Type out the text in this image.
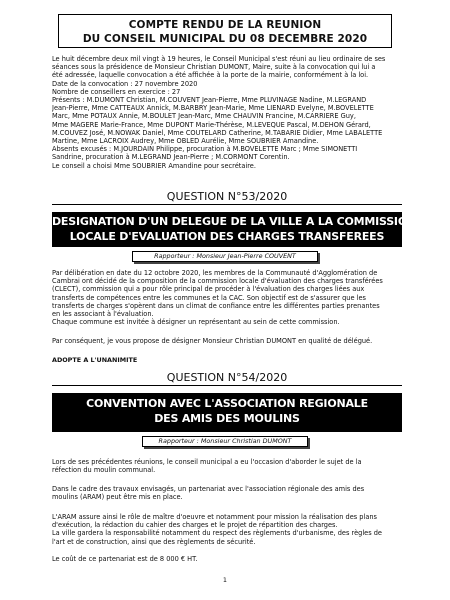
COMPTE RENDU DE LA REUNION
DU CONSEIL MUNICIPAL DU 08 DECEMBRE 2020
Le huit décembre deux mil vingt à 19 heures, le Conseil Municipal s'est réuni au lieu ordinaire de ses
séances sous la présidence de Monsieur Christian DUMONT, Maire, suite à la convocation qui lui a
été adressée, laquelle convocation a été affichée à la porte de la mairie, conformément à la loi.
Date de la convocation : 27 novembre 2020
Nombre de conseillers en exercice : 27
Présents : M.DUMONT Christian, M.COUVENT Jean-Pierre, Mme PLUVINAGE Nadine, M.LEGRAND
Jean-Pierre, Mme CATTEAUX Annick, M.BARBRY Jean-Marie, Mme LIENARD Evelyne, M.BOVELETTE
Marc, Mme POTAUX Annie, M.BOULET Jean-Marc, Mme CHAUVIN Francine, M.CARRIERE Guy,
Mme MAGERE Marie-France, Mme DUPONT Marie-Thérèse, M.LEVEQUE Pascal, M.DEHON Gérard,
M.COUVEZ José, M.NOWAK Daniel, Mme COUTELARD Catherine, M.TABARIE Didier, Mme LABALETTE
Martine, Mme LACROIX Audrey, Mme OBLED Aurélie, Mme SOUBRIER Amandine.
Absents excusés : M.JOURDAIN Philippe, procuration à M.BOVELETTE Marc ; Mme SIMONETTI
Sandrine, procuration à M.LEGRAND Jean-Pierre ; M.CORMONT Corentin.
Le conseil a choisi Mme SOUBRIER Amandine pour secrétaire.
QUESTION N°53/2020
DESIGNATION D'UN DELEGUE DE LA VILLE A LA COMMISSION
LOCALE D'EVALUATION DES CHARGES TRANSFEREES
Rapporteur : Monsieur Jean-Pierre COUVENT
Par délibération en date du 12 octobre 2020, les membres de la Communauté d'Agglomération de
Cambrai ont décidé de la composition de la commission locale d'évaluation des charges transférées
(CLECT), commission qui a pour rôle principal de procéder à l'évaluation des charges liées aux
transferts de compétences entre les communes et la CAC. Son objectif est de s'assurer que les
transferts de charges s'opèrent dans un climat de confiance entre les différentes parties prenantes
en les associant à l'évaluation.
Chaque commune est invitée à désigner un représentant au sein de cette commission.
Par conséquent, je vous propose de désigner Monsieur Christian DUMONT en qualité de délégué.
ADOPTE A L'UNANIMITE
QUESTION N°54/2020
CONVENTION AVEC L'ASSOCIATION REGIONALE
DES AMIS DES MOULINS
Rapporteur : Monsieur Christian DUMONT
Lors de ses précédentes réunions, le conseil municipal a eu l'occasion d'aborder le sujet de la
réfection du moulin communal.
Dans le cadre des travaux envisagés, un partenariat avec l'association régionale des amis des
moulins (ARAM) peut être mis en place.
L'ARAM assure ainsi le rôle de maître d'oeuvre et notamment pour mission la réalisation des plans
d'exécution, la rédaction du cahier des charges et le projet de répartition des charges.
La ville gardera la responsabilité notamment du respect des règlements d'urbanisme, des règles de
l'art et de construction, ainsi que des règlements de sécurité.
Le coût de ce partenariat est de 8 000 € HT.
1
